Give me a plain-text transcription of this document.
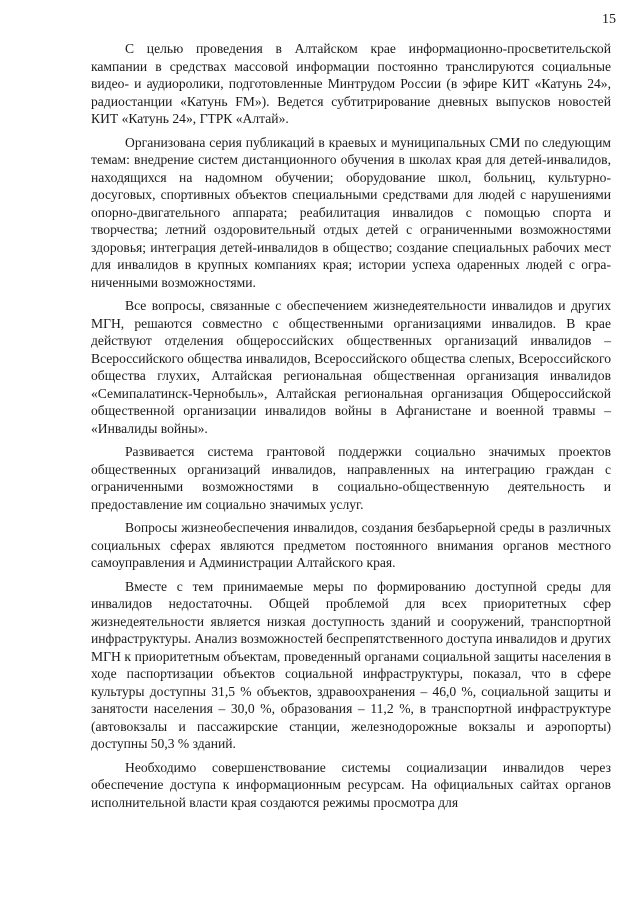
15

С целью проведения в Алтайском крае информационно-просветительской кампании в средствах массовой информации постоянно транслируются социальные видео- и аудиоролики, подготовленные Минтрудом России (в эфире КИТ «Катунь 24», радиостанции «Катунь FM»). Ведется субтитрирование дневных выпусков новостей КИТ «Катунь 24», ГТРК «Алтай».

Организована серия публикаций в краевых и муниципальных СМИ по следующим темам: внедрение систем дистанционного обучения в школах края для детей-инвалидов, находящихся на надомном обучении; оборудование школ, больниц, культурно-досуговых, спортивных объектов специальными средствами для людей с нарушениями опорно-двигательного аппарата; реабилитация инвалидов с помощью спорта и творчества; летний оздоровительный отдых детей с ограниченными возможностями здоровья; интеграция детей-инвалидов в общество; создание специальных рабочих мест для инвалидов в крупных компаниях края; истории успеха одаренных людей с ограниченными возможностями.

Все вопросы, связанные с обеспечением жизнедеятельности инвалидов и других МГН, решаются совместно с общественными организациями инвалидов. В крае действуют отделения общероссийских общественных организаций инвалидов – Всероссийского общества инвалидов, Всероссийского общества слепых, Всероссийского общества глухих, Алтайская региональная общественная организация инвалидов «Семипалатинск-Чернобыль», Алтайская региональная организация Общероссийской общественной организации инвалидов войны в Афганистане и военной травмы – «Инвалиды войны».

Развивается система грантовой поддержки социально значимых проектов общественных организаций инвалидов, направленных на интеграцию граждан с ограниченными возможностями в социально-общественную деятельность и предоставление им социально значимых услуг.

Вопросы жизнеобеспечения инвалидов, создания безбарьерной среды в различных социальных сферах являются предметом постоянного внимания органов местного самоуправления и Администрации Алтайского края.

Вместе с тем принимаемые меры по формированию доступной среды для инвалидов недостаточны. Общей проблемой для всех приоритетных сфер жизнедеятельности является низкая доступность зданий и сооружений, транспортной инфраструктуры. Анализ возможностей беспрепятственного доступа инвалидов и других МГН к приоритетным объектам, проведенный органами социальной защиты населения в ходе паспортизации объектов социальной инфраструктуры, показал, что в сфере культуры доступны 31,5 % объектов, здравоохранения – 46,0 %, социальной защиты и занятости населения – 30,0 %, образования – 11,2 %, в транспортной инфраструктуре (автовокзалы и пассажирские станции, железнодорожные вокзалы и аэропорты) доступны 50,3 % зданий.

Необходимо совершенствование системы социализации инвалидов через обеспечение доступа к информационным ресурсам. На официальных сайтах органов исполнительной власти края создаются режимы просмотра для
